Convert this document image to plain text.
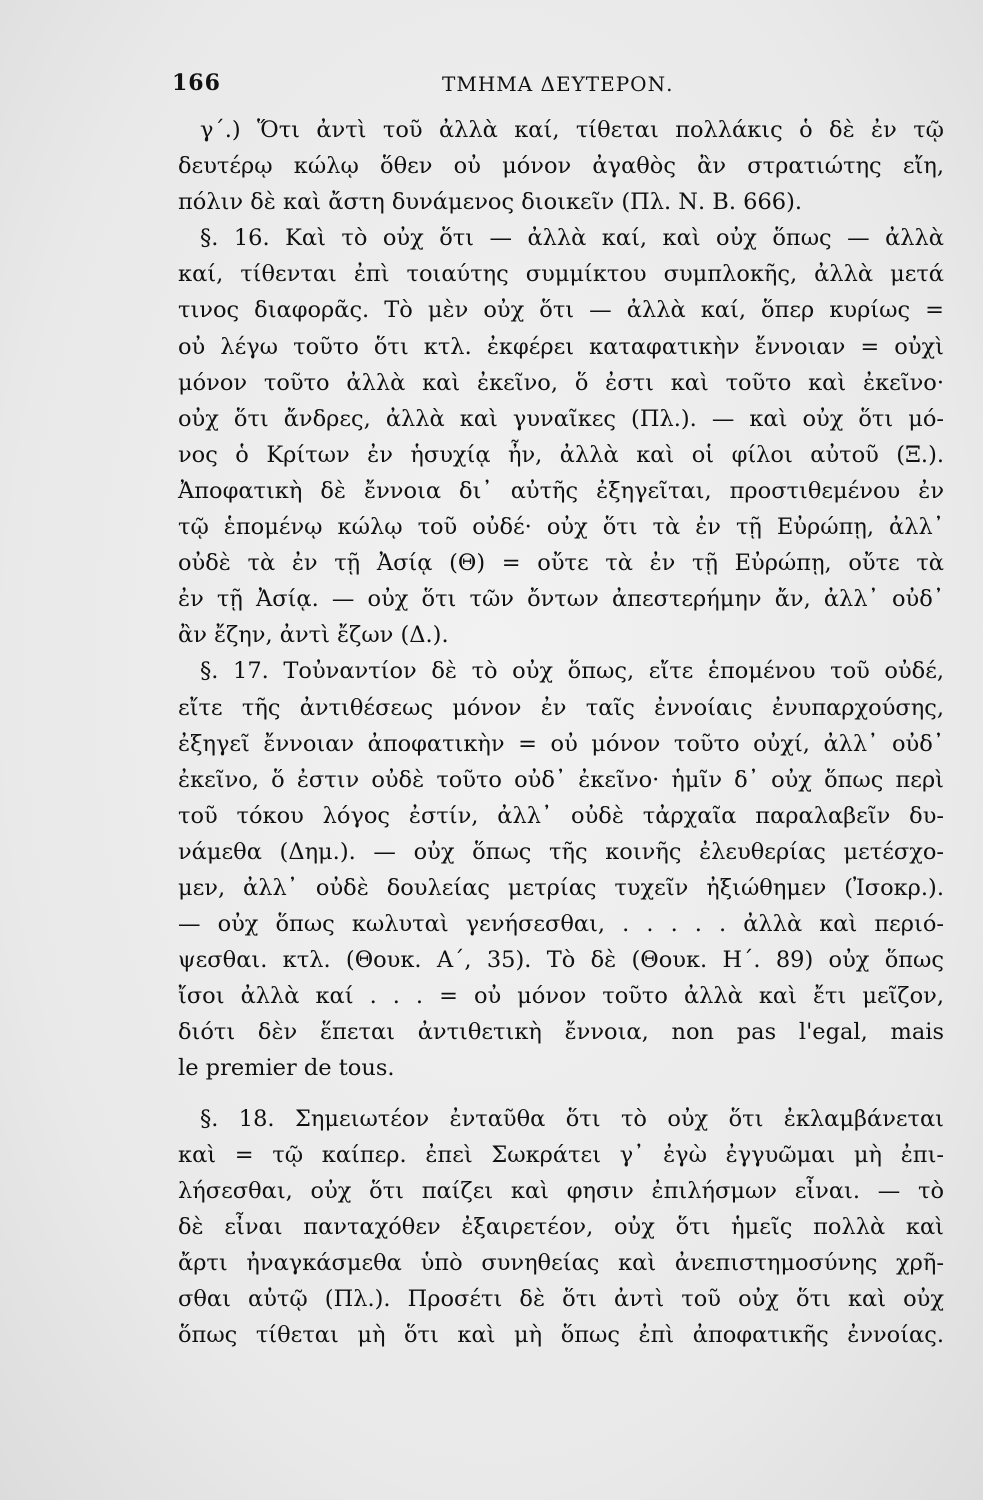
166	ΤΜΗΜΑ ΔΕΥΤΕΡΟΝ.
γ΄.) Ὅτι ἀντὶ τοῦ ἀλλὰ καί, τίθεται πολλάκις ὁ δὲ ἐν τῷ
δευτέρῳ κώλῳ ὅθεν οὐ μόνον ἀγαθὸς ἂν στρατιώτης εἴη,
πόλιν δὲ καὶ ἄστη δυνάμενος διοικεῖν (Πλ. Ν. Β. 666).
§. 16. Καὶ τὸ οὐχ ὅτι — ἀλλὰ καί, καὶ οὐχ ὅπως — ἀλλὰ
καί, τίθενται ἐπὶ τοιαύτης συμμίκτου συμπλοκῆς, ἀλλὰ μετά
τινος διαφορᾶς. Τὸ μὲν οὐχ ὅτι — ἀλλὰ καί, ὅπερ κυρίως =
οὐ λέγω τοῦτο ὅτι κτλ. ἐκφέρει καταφατικὴν ἔννοιαν = οὐχὶ
μόνον τοῦτο ἀλλὰ καὶ ἐκεῖνο, ὅ ἐστι καὶ τοῦτο καὶ ἐκεῖνο·
οὐχ ὅτι ἄνδρες, ἀλλὰ καὶ γυναῖκες (Πλ.). — καὶ οὐχ ὅτι μό-
νος ὁ Κρίτων ἐν ἡσυχίᾳ ἦν, ἀλλὰ καὶ οἱ φίλοι αὐτοῦ (Ξ.).
Ἀποφατικὴ δὲ ἔννοια δι᾽ αὐτῆς ἐξηγεῖται, προστιθεμένου ἐν
τῷ ἑπομένῳ κώλῳ τοῦ οὐδέ· οὐχ ὅτι τὰ ἐν τῇ Εὐρώπῃ, ἀλλ᾽
οὐδὲ τὰ ἐν τῇ Ἀσίᾳ (Θ) = οὔτε τὰ ἐν τῇ Εὐρώπῃ, οὔτε τὰ
ἐν τῇ Ἀσίᾳ. — οὐχ ὅτι τῶν ὄντων ἀπεστερήμην ἄν, ἀλλ᾽ οὐδ᾽
ἂν ἔζην, ἀντὶ ἔζων (Δ.).
§. 17. Τοὐναντίον δὲ τὸ οὐχ ὅπως, εἴτε ἑπομένου τοῦ οὐδέ,
εἴτε τῆς ἀντιθέσεως μόνον ἐν ταῖς ἐννοίαις ἐνυπαρχούσης,
ἐξηγεῖ ἔννοιαν ἀποφατικὴν = οὐ μόνον τοῦτο οὐχί, ἀλλ᾽ οὐδ᾽
ἐκεῖνο, ὅ ἐστιν οὐδὲ τοῦτο οὐδ᾽ ἐκεῖνο· ἡμῖν δ᾽ οὐχ ὅπως περὶ
τοῦ τόκου λόγος ἐστίν, ἀλλ᾽ οὐδὲ τἀρχαῖα παραλαβεῖν δυ-
νάμεθα (Δημ.). — οὐχ ὅπως τῆς κοινῆς ἐλευθερίας μετέσχο-
μεν, ἀλλ᾽ οὐδὲ δουλείας μετρίας τυχεῖν ἠξιώθημεν (Ἰσοκρ.).
— οὐχ ὅπως κωλυταὶ γενήσεσθαι, . . . . . ἀλλὰ καὶ περιό-
ψεσθαι. κτλ. (Θουκ. Α΄, 35). Τὸ δὲ (Θουκ. Η΄. 89) οὐχ ὅπως
ἴσοι ἀλλὰ καί . . . = οὐ μόνον τοῦτο ἀλλὰ καὶ ἔτι μεῖζον,
διότι δὲν ἕπεται ἀντιθετικὴ ἔννοια, non pas l'egal, mais
le premier de tous.
§. 18. Σημειωτέον ἐνταῦθα ὅτι τὸ οὐχ ὅτι ἐκλαμβάνεται
καὶ = τῷ καίπερ. ἐπεὶ Σωκράτει γ᾽ ἐγὼ ἐγγυῶμαι μὴ ἐπι-
λήσεσθαι, οὐχ ὅτι παίζει καὶ φησιν ἐπιλήσμων εἶναι. — τὸ
δὲ εἶναι πανταχόθεν ἐξαιρετέον, οὐχ ὅτι ἡμεῖς πολλὰ καὶ
ἄρτι ἠναγκάσμεθα ὑπὸ συνηθείας καὶ ἀνεπιστημοσύνης χρῆ-
σθαι αὐτῷ (Πλ.). Προσέτι δὲ ὅτι ἀντὶ τοῦ οὐχ ὅτι καὶ οὐχ
ὅπως τίθεται μὴ ὅτι καὶ μὴ ὅπως ἐπὶ ἀποφατικῆς ἐννοίας.
